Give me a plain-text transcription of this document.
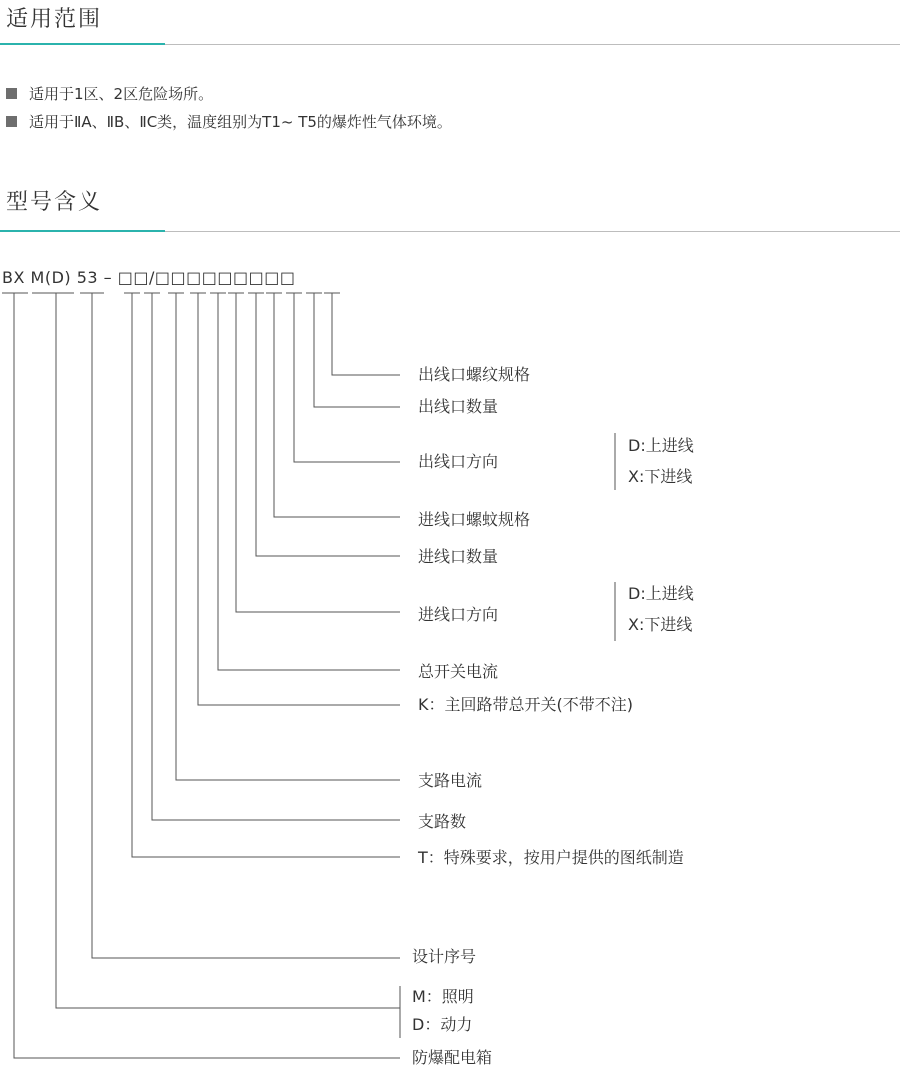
适用范围
适用于1区、2区危险场所。
适用于ⅡA、ⅡB、ⅡC类，温度组别为T1~ T5的爆炸性气体环境。
型号含义
BX M(D) 53 – □□/□□□□□□□□□
出线口螺纹规格
出线口数量
出线口方向
D:上进线
X:下进线
进线口螺蚊规格
进线口数量
进线口方向
D:上进线
X:下进线
总开关电流
K：主回路带总开关(不带不注)
支路电流
支路数
T：特殊要求，按用户提供的图纸制造
设计序号
M：照明
D：动力
防爆配电箱
